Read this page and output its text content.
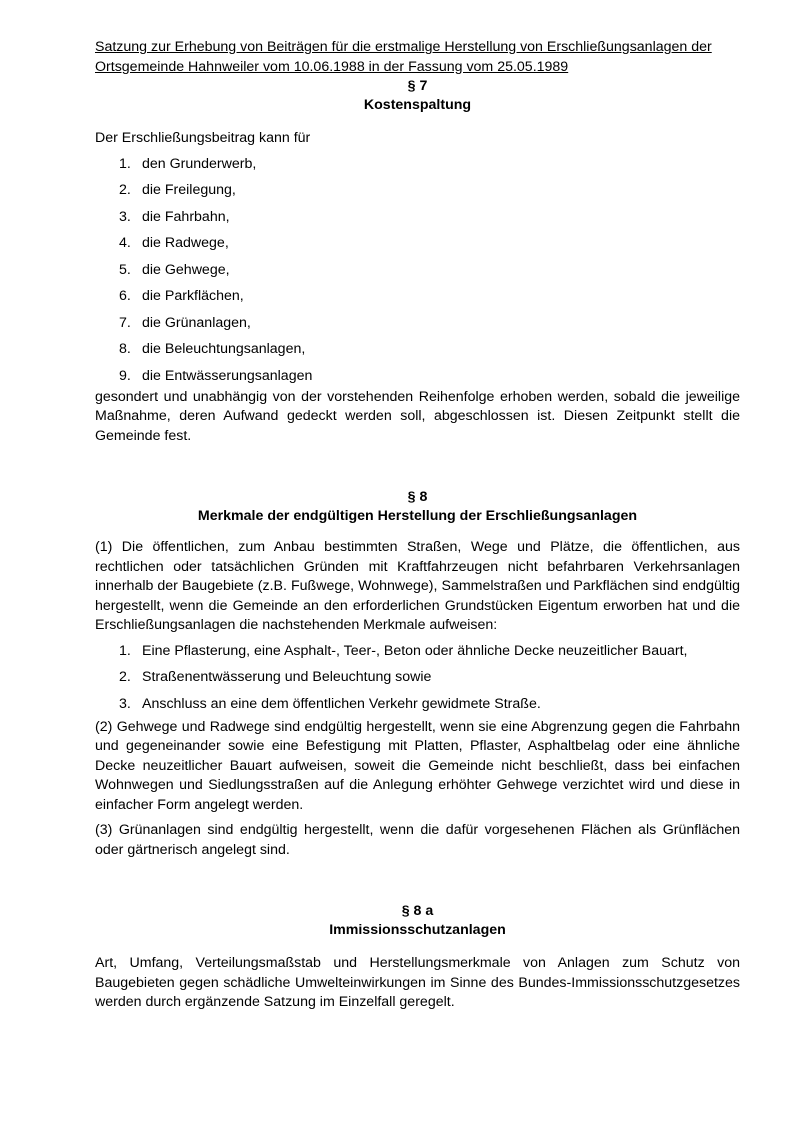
Satzung zur Erhebung von Beiträgen für die erstmalige Herstellung von Erschließungsanlagen der
Ortsgemeinde Hahnweiler vom 10.06.1988 in der Fassung vom 25.05.1989
§ 7
Kostenspaltung

Der Erschließungsbeitrag kann für

1. den Grunderwerb,
2. die Freilegung,
3. die Fahrbahn,
4. die Radwege,
5. die Gehwege,
6. die Parkflächen,
7. die Grünanlagen,
8. die Beleuchtungsanlagen,
9. die Entwässerungsanlagen

gesondert und unabhängig von der vorstehenden Reihenfolge erhoben werden, sobald die jeweilige Maßnahme, deren Aufwand gedeckt werden soll, abgeschlossen ist. Diesen Zeitpunkt stellt die Gemeinde fest.

§ 8
Merkmale der endgültigen Herstellung der Erschließungsanlagen

(1) Die öffentlichen, zum Anbau bestimmten Straßen, Wege und Plätze, die öffentlichen, aus rechtlichen oder tatsächlichen Gründen mit Kraftfahrzeugen nicht befahrbaren Verkehrsanlagen innerhalb der Baugebiete (z.B. Fußwege, Wohnwege), Sammelstraßen und Parkflächen sind endgültig hergestellt, wenn die Gemeinde an den erforderlichen Grundstücken Eigentum erworben hat und die Erschließungsanlagen die nachstehenden Merkmale aufweisen:

1. Eine Pflasterung, eine Asphalt-, Teer-, Beton oder ähnliche Decke neuzeitlicher Bauart,
2. Straßenentwässerung und Beleuchtung sowie
3. Anschluss an eine dem öffentlichen Verkehr gewidmete Straße.

(2) Gehwege und Radwege sind endgültig hergestellt, wenn sie eine Abgrenzung gegen die Fahrbahn und gegeneinander sowie eine Befestigung mit Platten, Pflaster, Asphaltbelag oder eine ähnliche Decke neuzeitlicher Bauart aufweisen, soweit die Gemeinde nicht beschließt, dass bei einfachen Wohnwegen und Siedlungsstraßen auf die Anlegung erhöhter Gehwege verzichtet wird und diese in einfacher Form angelegt werden.

(3) Grünanlagen sind endgültig hergestellt, wenn die dafür vorgesehenen Flächen als Grünflächen oder gärtnerisch angelegt sind.

§ 8 a
Immissionsschutzanlagen

Art, Umfang, Verteilungsmaßstab und Herstellungsmerkmale von Anlagen zum Schutz von Baugebieten gegen schädliche Umwelteinwirkungen im Sinne des Bundes-Immissionsschutzgesetzes werden durch ergänzende Satzung im Einzelfall geregelt.
